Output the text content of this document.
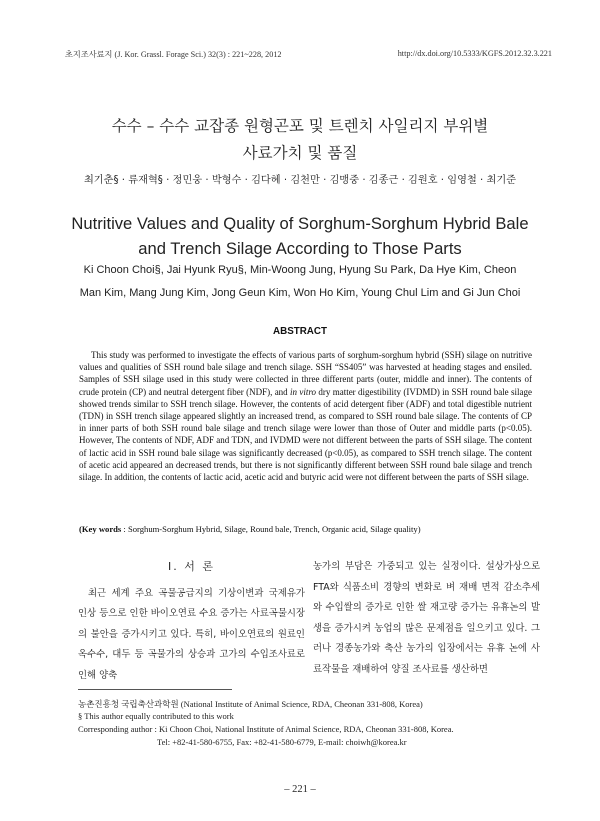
초지조사료지 (J. Kor. Grassl. Forage Sci.) 32(3) : 221~228, 2012	http://dx.doi.org/10.5333/KGFS.2012.32.3.221
수수 – 수수 교잡종 원형곤포 및 트렌치 사일리지 부위별
사료가치 및 품질
최기춘§ · 류재혁§ · 정민웅 · 박형수 · 김다혜 · 김천만 · 김맹중 · 김종근 · 김원호 · 임영철 · 최기준
Nutritive Values and Quality of Sorghum-Sorghum Hybrid Bale
and Trench Silage According to Those Parts
Ki Choon Choi§, Jai Hyunk Ryu§, Min-Woong Jung, Hyung Su Park, Da Hye Kim, Cheon
Man Kim, Mang Jung Kim, Jong Geun Kim, Won Ho Kim, Young Chul Lim and Gi Jun Choi
ABSTRACT

This study was performed to investigate the effects of various parts of sorghum-sorghum hybrid (SSH) silage on nutritive values and qualities of SSH round bale silage and trench silage. SSH “SS405” was harvested at heading stages and ensiled. Samples of SSH silage used in this study were collected in three different parts (outer, middle and inner). The contents of crude protein (CP) and neutral detergent fiber (NDF), and in vitro dry matter digestibility (IVDMD) in SSH round bale silage showed trends similar to SSH trench silage. However, the contents of acid detergent fiber (ADF) and total digestible nutrient (TDN) in SSH trench silage appeared slightly an increased trend, as compared to SSH round bale silage. The contents of CP in inner parts of both SSH round bale silage and trench silage were lower than those of Outer and middle parts (p<0.05). However, The contents of NDF, ADF and TDN, and IVDMD were not different between the parts of SSH silage. The content of lactic acid in SSH round bale silage was significantly decreased (p<0.05), as compared to SSH trench silage. The content of acetic acid appeared an decreased trends, but there is not significantly different between SSH round bale silage and trench silage. In addition, the contents of lactic acid, acetic acid and butyric acid were not different between the parts of SSH silage.

(Key words : Sorghum-Sorghum Hybrid, Silage, Round bale, Trench, Organic acid, Silage quality)
Ⅰ. 서 론
최근 세계 주요 곡물공급지의 기상이변과 국제유가 인상 등으로 인한 바이오연료 수요 증가는 사료곡물시장의 불안을 증가시키고 있다. 특히, 바이오연료의 원료인 옥수수, 대두 등 곡물가의 상승과 고가의 수입조사료로 인해 양축
농가의 부담은 가중되고 있는 실정이다. 설상가상으로 FTA와 식품소비 경향의 변화로 벼 재배 면적 감소추세와 수입쌀의 증가로 인한 쌀 재고량 증가는 유휴논의 발생을 증가시켜 농업의 많은 문제점을 일으키고 있다. 그러나 경종농가와 축산 농가의 입장에서는 유휴 논에 사료작물을 재배하여 양질 조사료를 생산하면
농촌진흥청 국립축산과학원 (National Institute of Animal Science, RDA, Cheonan 331-808, Korea)
§ This author equally contributed to this work
Corresponding author : Ki Choon Choi, National Institute of Animal Science, RDA, Cheonan 331-808, Korea.
Tel: +82-41-580-6755, Fax: +82-41-580-6779, E-mail: choiwh@korea.kr
– 221 –
